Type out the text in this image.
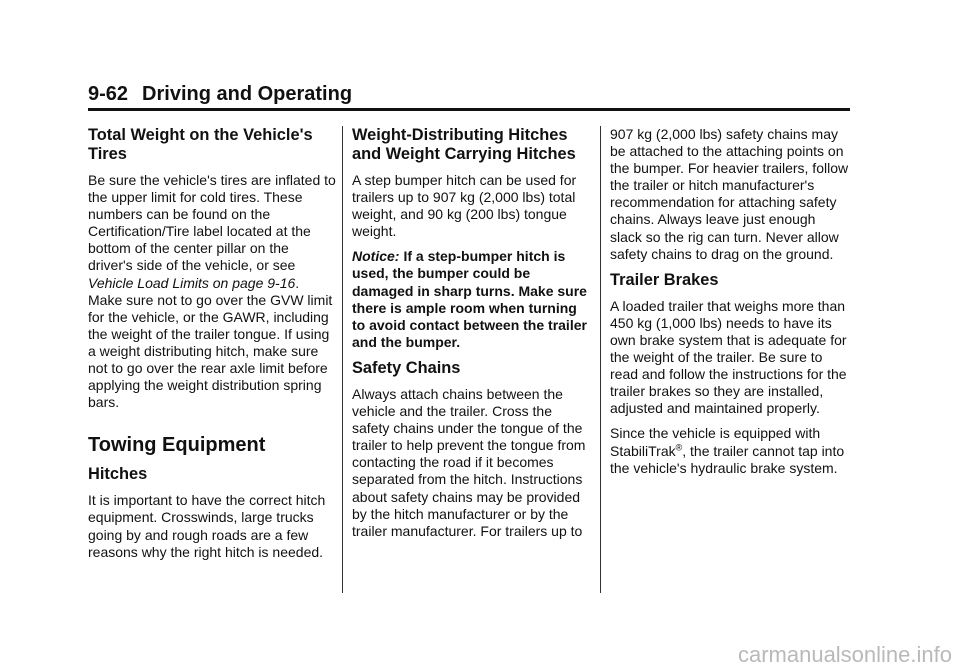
9-62 Driving and Operating
Total Weight on the Vehicle's Tires

Be sure the vehicle's tires are inflated to the upper limit for cold tires. These numbers can be found on the Certification/Tire label located at the bottom of the center pillar on the driver's side of the vehicle, or see Vehicle Load Limits on page 9-16. Make sure not to go over the GVW limit for the vehicle, or the GAWR, including the weight of the trailer tongue. If using a weight distributing hitch, make sure not to go over the rear axle limit before applying the weight distribution spring bars.

Towing Equipment
Hitches

It is important to have the correct hitch equipment. Crosswinds, large trucks going by and rough roads are a few reasons why the right hitch is needed.

Weight-Distributing Hitches and Weight Carrying Hitches

A step bumper hitch can be used for trailers up to 907 kg (2,000 lbs) total weight, and 90 kg (200 lbs) tongue weight.

Notice: If a step-bumper hitch is used, the bumper could be damaged in sharp turns. Make sure there is ample room when turning to avoid contact between the trailer and the bumper.

Safety Chains

Always attach chains between the vehicle and the trailer. Cross the safety chains under the tongue of the trailer to help prevent the tongue from contacting the road if it becomes separated from the hitch. Instructions about safety chains may be provided by the hitch manufacturer or by the trailer manufacturer. For trailers up to

907 kg (2,000 lbs) safety chains may be attached to the attaching points on the bumper. For heavier trailers, follow the trailer or hitch manufacturer's recommendation for attaching safety chains. Always leave just enough slack so the rig can turn. Never allow safety chains to drag on the ground.

Trailer Brakes

A loaded trailer that weighs more than 450 kg (1,000 lbs) needs to have its own brake system that is adequate for the weight of the trailer. Be sure to read and follow the instructions for the trailer brakes so they are installed, adjusted and maintained properly.

Since the vehicle is equipped with StabiliTrak®, the trailer cannot tap into the vehicle's hydraulic brake system.

carmanualsonline.info
